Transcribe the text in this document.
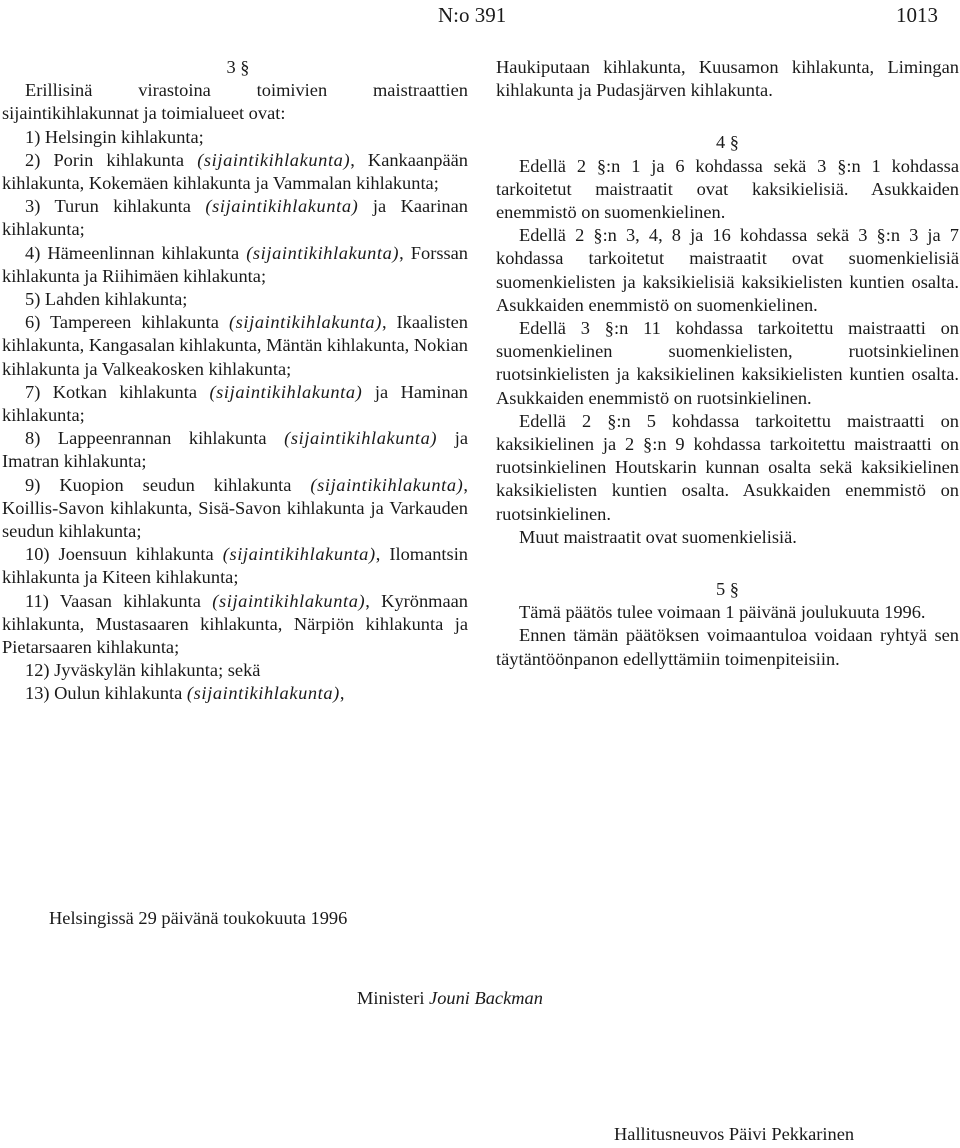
N:o 391	1013

3 §

Erillisinä virastoina toimivien maistraattien sijaintikihlakunnat ja toimialueet ovat:

1) Helsingin kihlakunta;

2) Porin kihlakunta (sijaintikihlakunta), Kankaanpään kihlakunta, Kokemäen kihlakunta ja Vammalan kihlakunta;

3) Turun kihlakunta (sijaintikihlakunta) ja Kaarinan kihlakunta;

4) Hämeenlinnan kihlakunta (sijaintikihlakunta), Forssan kihlakunta ja Riihimäen kihlakunta;

5) Lahden kihlakunta;

6) Tampereen kihlakunta (sijaintikihlakunta), Ikaalisten kihlakunta, Kangasalan kihlakunta, Mäntän kihlakunta, Nokian kihlakunta ja Valkeakosken kihlakunta;

7) Kotkan kihlakunta (sijaintikihlakunta) ja Haminan kihlakunta;

8) Lappeenrannan kihlakunta (sijaintikihlakunta) ja Imatran kihlakunta;

9) Kuopion seudun kihlakunta (sijaintikihlakunta), Koillis-Savon kihlakunta, Sisä-Savon kihlakunta ja Varkauden seudun kihlakunta;

10) Joensuun kihlakunta (sijaintikihlakunta), Ilomantsin kihlakunta ja Kiteen kihlakunta;

11) Vaasan kihlakunta (sijaintikihlakunta), Kyrönmaan kihlakunta, Mustasaaren kihlakunta, Närpiön kihlakunta ja Pietarsaaren kihlakunta;

12) Jyväskylän kihlakunta; sekä

13) Oulun kihlakunta (sijaintikihlakunta),

Haukiputaan kihlakunta, Kuusamon kihlakunta, Limingan kihlakunta ja Pudasjärven kihlakunta.

4 §

Edellä 2 §:n 1 ja 6 kohdassa sekä 3 §:n 1 kohdassa tarkoitetut maistraatit ovat kaksikielisiä. Asukkaiden enemmistö on suomenkielinen.

Edellä 2 §:n 3, 4, 8 ja 16 kohdassa sekä 3 §:n 3 ja 7 kohdassa tarkoitetut maistraatit ovat suomenkielisiä suomenkielisten ja kaksikielisiä kaksikielisten kuntien osalta. Asukkaiden enemmistö on suomenkielinen.

Edellä 3 §:n 11 kohdassa tarkoitettu maistraatti on suomenkielinen suomenkielisten, ruotsinkielinen ruotsinkielisten ja kaksikielinen kaksikielisten kuntien osalta. Asukkaiden enemmistö on ruotsinkielinen.

Edellä 2 §:n 5 kohdassa tarkoitettu maistraatti on kaksikielinen ja 2 §:n 9 kohdassa tarkoitettu maistraatti on ruotsinkielinen Houtskarin kunnan osalta sekä kaksikielinen kaksikielisten kuntien osalta. Asukkaiden enemmistö on ruotsinkielinen.

Muut maistraatit ovat suomenkielisiä.

5 §

Tämä päätös tulee voimaan 1 päivänä joulukuuta 1996.

Ennen tämän päätöksen voimaantuloa voidaan ryhtyä sen täytäntöönpanon edellyttämiin toimenpiteisiin.

Helsingissä 29 päivänä toukokuuta 1996
Ministeri Jouni Backman
Hallitusneuvos Päivi Pekkarinen
